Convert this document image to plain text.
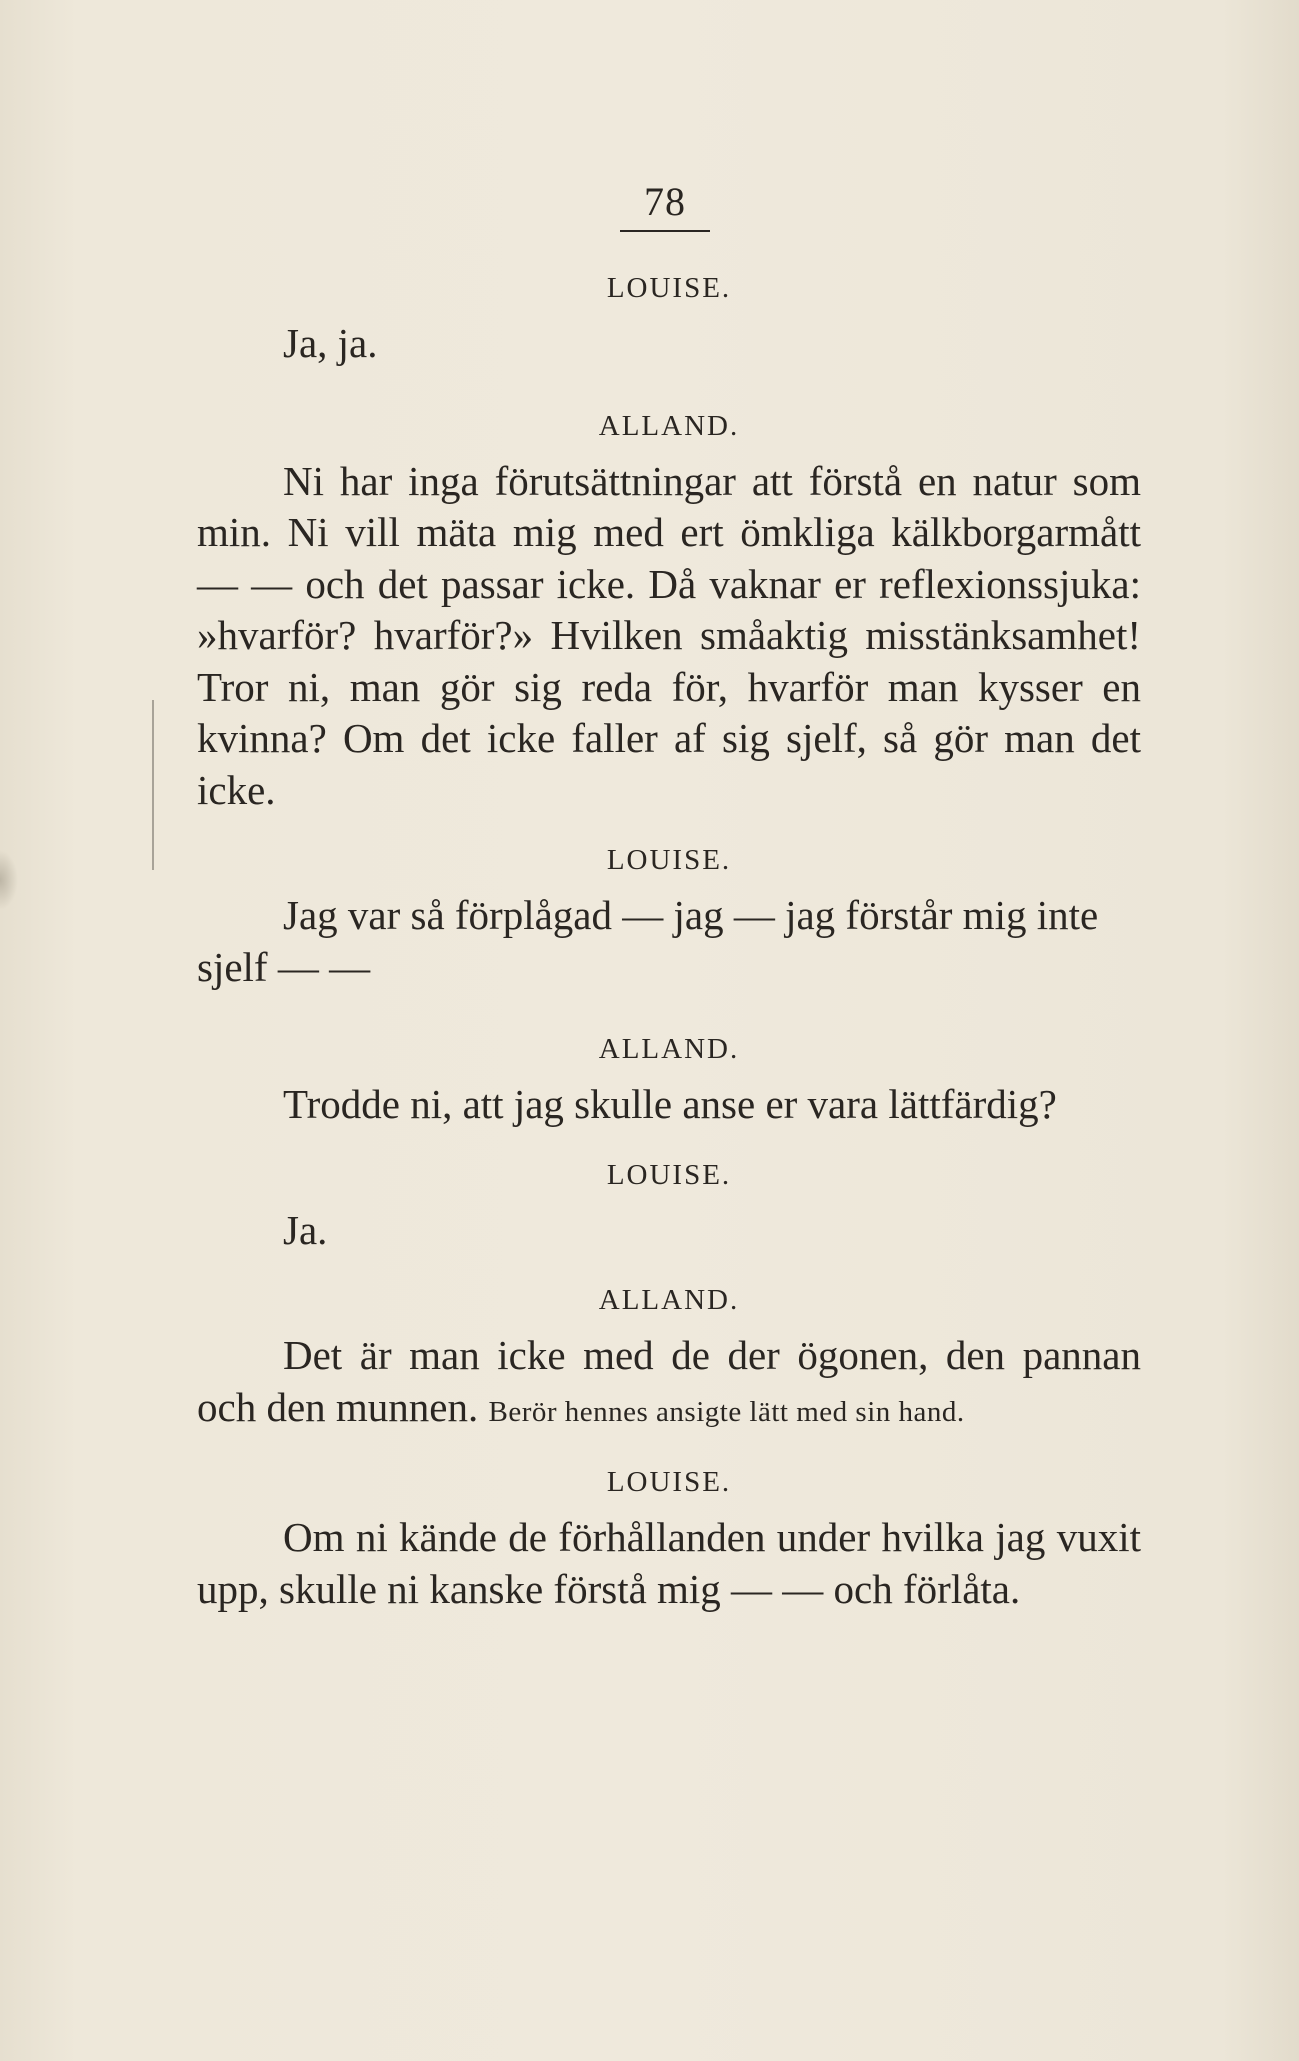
78
LOUISE.

Ja, ja.

ALLAND.

Ni har inga förutsättningar att förstå en natur som min. Ni vill mäta mig med ert ömkliga kälkborgarmått — — och det passar icke. Då vaknar er reflexionssjuka: »hvarför? hvarför?» Hvilken småaktig misstänksamhet! Tror ni, man gör sig reda för, hvarför man kysser en kvinna? Om det icke faller af sig sjelf, så gör man det icke.

LOUISE.

Jag var så förplågad — jag — jag förstår mig inte sjelf — —

ALLAND.

Trodde ni, att jag skulle anse er vara lättfärdig?

LOUISE.

Ja.

ALLAND.

Det är man icke med de der ögonen, den pannan och den munnen. Berör hennes ansigte lätt med sin hand.

LOUISE.

Om ni kände de förhållanden under hvilka jag vuxit upp, skulle ni kanske förstå mig — — och förlåta.
